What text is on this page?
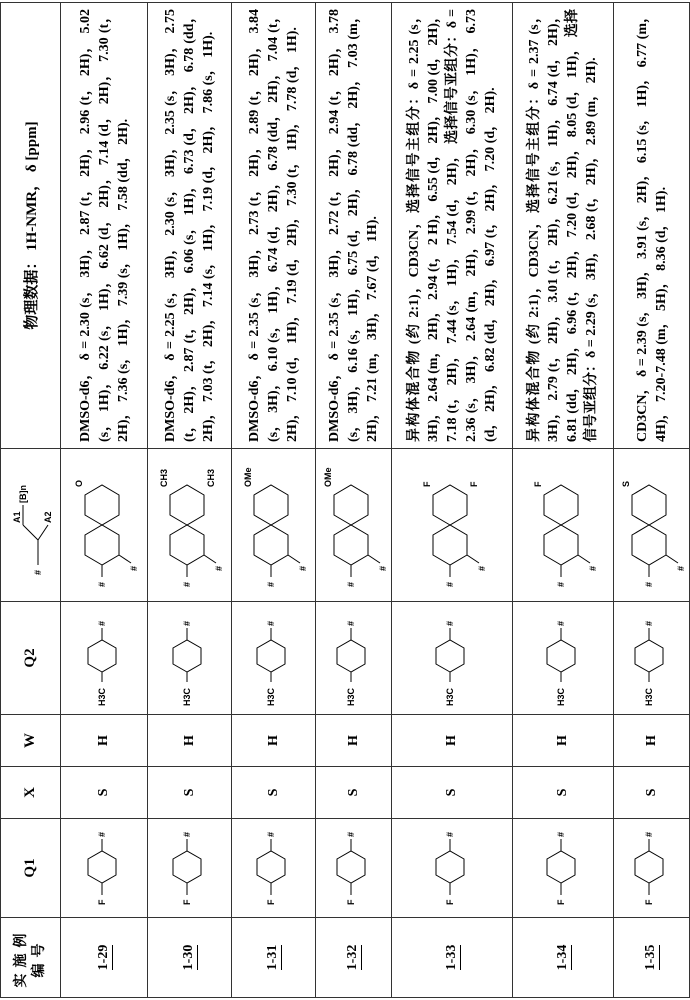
实施例编号	Q1	X	W	Q2	
#
A1 A2
[B]n
	物理数据： 1H-NMR， δ [ppm]
1-29	
F
#
	S	H	
H3C
#

#
#
O
	DMSO-d6， δ = 2.30 (s， 3H)， 2.87 (t， 2H)， 2.96 (t， 2H)， 5.02 (s， 1H)， 6.22 (s， 1H)， 6.62 (d， 2H)， 7.14 (d， 2H)， 7.30 (t， 2H)， 7.36 (s， 1H)， 7.39 (s， 1H)， 7.58 (dd， 2H).
1-30	
F
#
	S	H	
H3C
#

#
#
CH3	CH3
	DMSO-d6， δ = 2.25 (s， 3H)， 2.30 (s， 3H)， 2.35 (s， 3H)， 2.75 (t， 2H)， 2.87 (t， 2H)， 6.06 (s， 1H)， 6.73 (d， 2H)， 6.78 (dd， 2H)， 7.03 (t， 2H)， 7.14 (s， 1H)， 7.19 (d， 2H)， 7.86 (s， 1H).
1-31	
F
#
	S	H	
H3C
#

#
#
OMe
	DMSO-d6， δ = 2.35 (s， 3H)， 2.73 (t， 2H)， 2.89 (t， 2H)， 3.84 (s， 3H)， 6.10 (s， 1H)， 6.74 (d， 2H)， 6.78 (dd， 2H)， 7.04 (t， 2H)， 7.10 (d， 1H)， 7.19 (d， 2H)， 7.30 (t， 1H)， 7.78 (d， 1H).
1-32	
F
#
	S	H	
H3C
#

#
#
OMe
	DMSO-d6， δ = 2.35 (s， 3H)， 2.72 (t， 2H)， 2.94 (t， 2H)， 3.78 (s， 3H)， 6.16 (s， 1H)， 6.75 (d， 2H)， 6.78 (dd， 2H)， 7.03 (m， 2H)， 7.21 (m， 3H)， 7.67 (d， 1H).
1-33	
F
#
	S	H	
H3C
#

#
#
F	F
	异构体混合物 (约 2:1)，CD3CN，选择信号主组分：δ = 2.25 (s， 3H)， 2.64 (m， 2H)， 2.94 (t， 2 H)， 6.55 (d， 2H)， 7.00 (d， 2H)， 7.18 (t， 2H)， 7.44 (s， 1H)， 7.54 (d， 2H)， 选择信号亚组分：δ = 2.36 (s， 3H)， 2.64 (m， 2H)， 2.99 (t， 2H)， 6.30 (s， 1H)， 6.73 (d， 2H)， 6.82 (dd， 2H)， 6.97 (t， 2H)， 7.20 (d， 2H).
1-34	
F
#
	S	H	
H3C
#

#
#
F
	异构体混合物 (约 2:1)，CD3CN，选择信号主组分：δ = 2.37 (s， 3H)， 2.79 (t， 2H)， 3.01 (t， 2H)， 6.21 (s， 1H)， 6.74 (d， 2H)， 6.81 (dd， 2H)， 6.96 (t， 2H)， 7.20 (d， 2H)， 8.05 (d， 1H)， 选择信号亚组分：δ = 2.29 (s， 3H)， 2.68 (t， 2H)， 2.89 (m， 2H).
1-35	
F
#
	S	H	
H3C
#

#
#
S
	CD3CN， δ = 2.39 (s， 3H)， 3.91 (s， 2H)， 6.15 (s， 1H)， 6.77 (m， 4H)， 7.20-7.48 (m， 5H)， 8.36 (d， 1H).
